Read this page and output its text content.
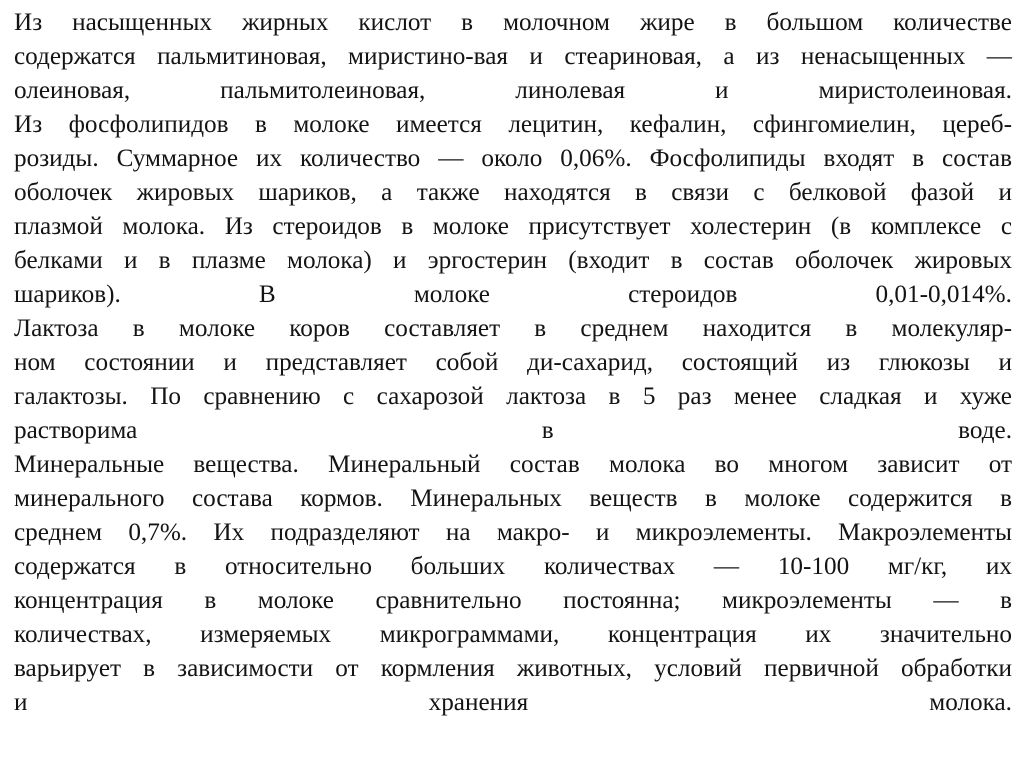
Из насыщенных жирных кислот в молочном жире в большом количестве
содержатся пальмитиновая, миристино-вая и стеариновая, а из ненасыщенных —
олеиновая,	пальмитолеиновая,	линолевая	и	миристолеиновая.
Из фосфолипидов в молоке имеется лецитин, кефалин, сфингомиелин, цереб-
розиды. Суммарное их количество — около 0,06%. Фосфолипиды входят в состав
оболочек жировых шариков, а также находятся в связи с белковой фазой и
плазмой молока. Из стероидов в молоке присутствует холестерин (в комплексе с
белками и в плазме молока) и эргостерин (входит в состав оболочек жировых
шариков).	В	молоке	стероидов	0,01-0,014%.
Лактоза в молоке коров составляет в среднем находится в молекуляр-
ном состоянии и представляет собой ди-сахарид, состоящий из глюкозы и
галактозы. По сравнению с сахарозой лактоза в 5 раз менее сладкая и хуже
растворима	в	воде.
Минеральные вещества. Минеральный состав молока во многом зависит от
минерального состава кормов. Минеральных веществ в молоке содержится в
среднем 0,7%. Их подразделяют на макро- и микроэлементы. Макроэлементы
содержатся в относительно больших количествах — 10-100 мг/кг, их
концентрация в молоке сравнительно постоянна; микроэлементы — в
количествах, измеряемых микрограммами, концентрация их значительно
варьирует в зависимости от кормления животных, условий первичной обработки
и	хранения	молока.
